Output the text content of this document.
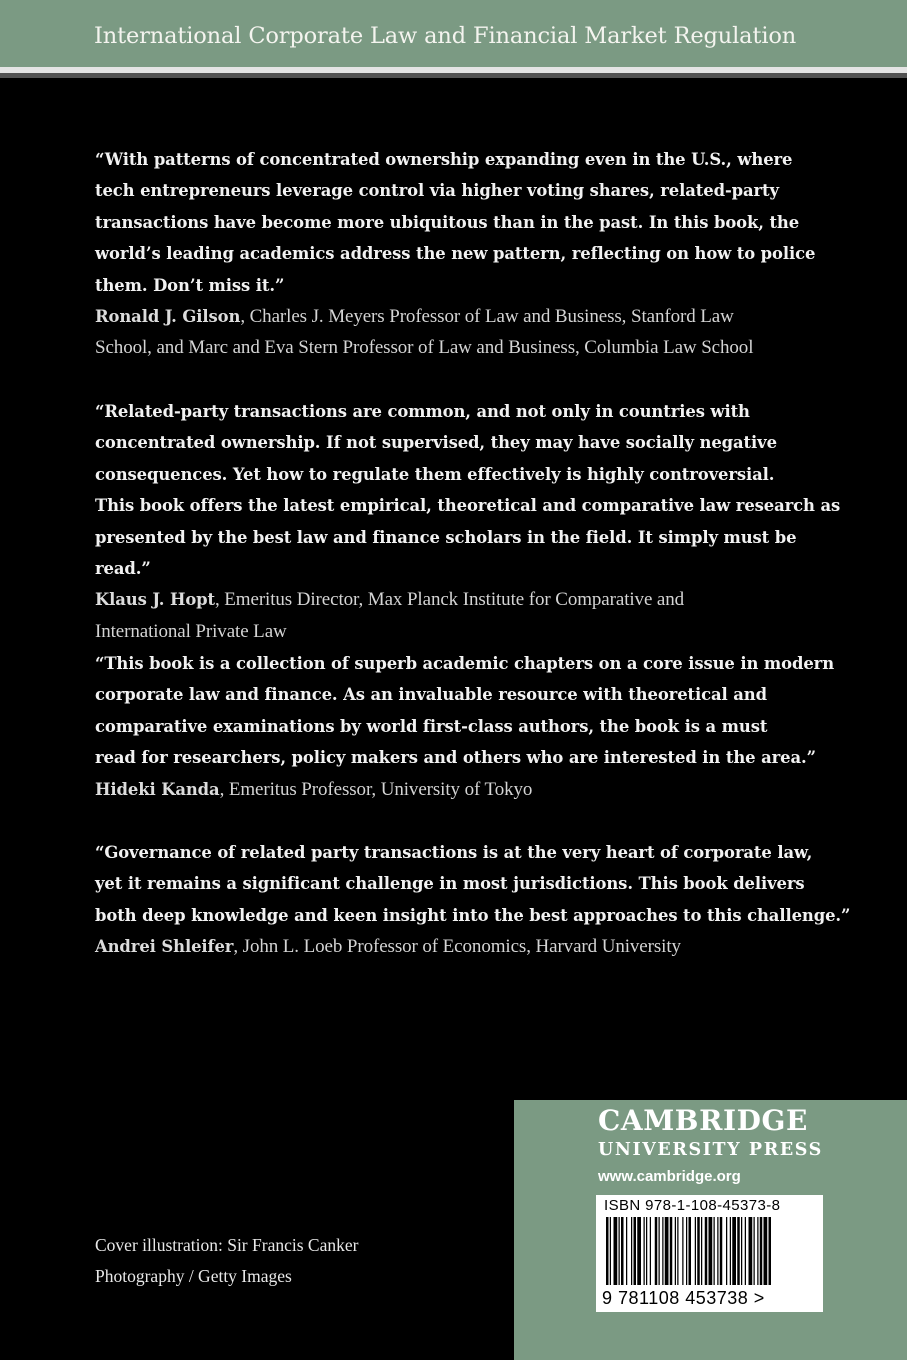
International Corporate Law and Financial Market Regulation
“With patterns of concentrated ownership expanding even in the U.S., where
tech entrepreneurs leverage control via higher voting shares, related-party
transactions have become more ubiquitous than in the past. In this book, the
world’s leading academics address the new pattern, reflecting on how to police
them. Don’t miss it.”
Ronald J. Gilson, Charles J. Meyers Professor of Law and Business, Stanford Law
School, and Marc and Eva Stern Professor of Law and Business, Columbia Law School
“Related-party transactions are common, and not only in countries with
concentrated ownership. If not supervised, they may have socially negative
consequences. Yet how to regulate them effectively is highly controversial.
This book offers the latest empirical, theoretical and comparative law research as
presented by the best law and finance scholars in the field. It simply must be read.”
Klaus J. Hopt, Emeritus Director, Max Planck Institute for Comparative and
International Private Law
“This book is a collection of superb academic chapters on a core issue in modern
corporate law and finance. As an invaluable resource with theoretical and
comparative examinations by world first-class authors, the book is a must
read for researchers, policy makers and others who are interested in the area.”
Hideki Kanda, Emeritus Professor, University of Tokyo
“Governance of related party transactions is at the very heart of corporate law,
yet it remains a significant challenge in most jurisdictions. This book delivers
both deep knowledge and keen insight into the best approaches to this challenge.”
Andrei Shleifer, John L. Loeb Professor of Economics, Harvard University
Cover illustration: Sir Francis Canker
Photography / Getty Images
CAMBRIDGE
UNIVERSITY PRESS
www.cambridge.org
ISBN 978-1-108-45373-8
9 781108 453738 >
